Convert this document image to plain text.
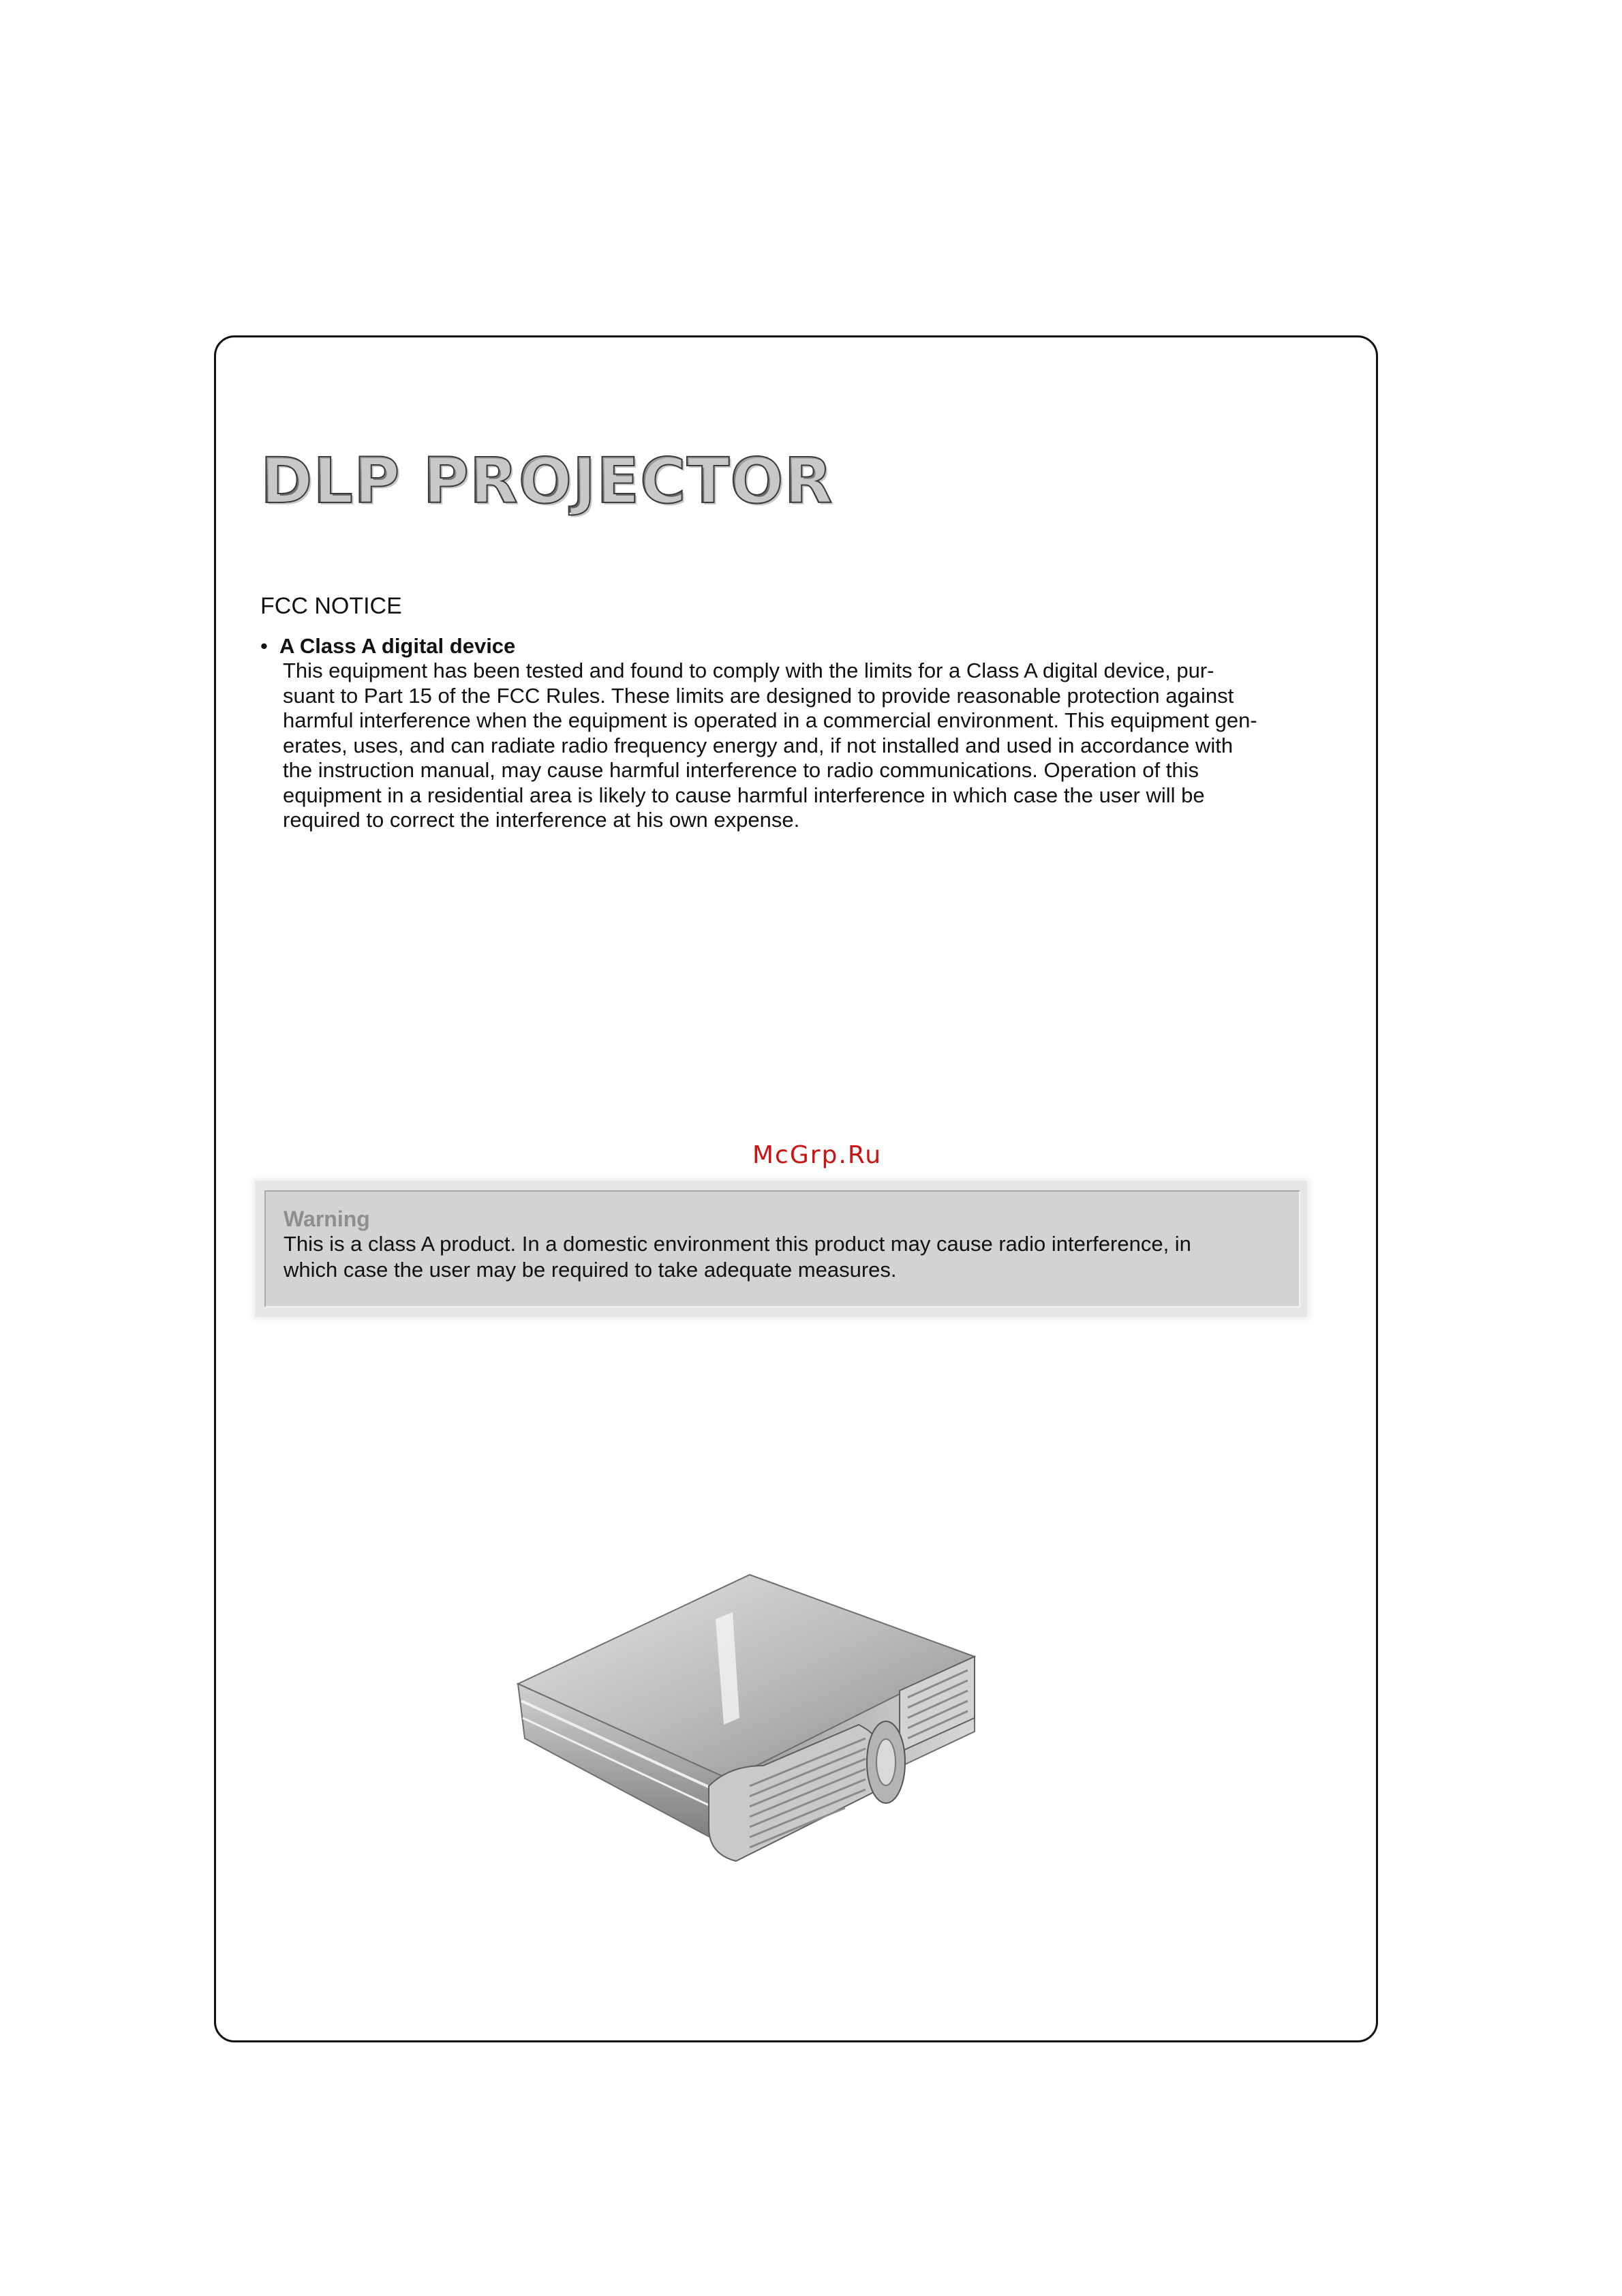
DLP PROJECTOR
FCC NOTICE
• A Class A digital device

This equipment has been tested and found to comply with the limits for a Class A digital device, pur-
suant to Part 15 of the FCC Rules. These limits are designed to provide reasonable protection against
harmful interference when the equipment is operated in a commercial environment. This equipment gen-
erates, uses, and can radiate radio frequency energy and, if not installed and used in accordance with
the instruction manual, may cause harmful interference to radio communications. Operation of this
equipment in a residential area is likely to cause harmful interference in which case the user will be
required to correct the interference at his own expense.

McGrp.Ru
Warning

This is a class A product. In a domestic environment this product may cause radio interference, in
which case the user may be required to take adequate measures.
